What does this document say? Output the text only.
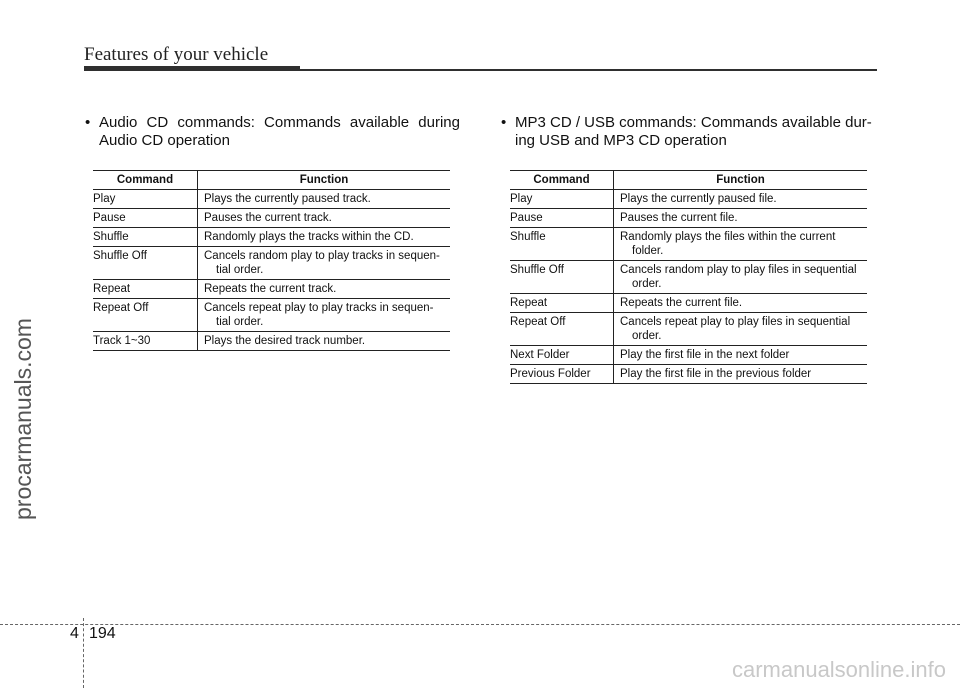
Features of your vehicle
procarmanuals.com
• Audio CD commands: Commands available during
Audio CD operation
Command	Function
Play	Plays the currently paused track.

Pause	Pauses the current track.

Shuffle	Randomly plays the tracks within the CD.

Shuffle Off	Cancels random play to play tracks in sequen-
tial order.

Repeat	Repeats the current track.

Repeat Off	Cancels repeat play to play tracks in sequen-
tial order.

Track 1~30	Plays the desired track number.
• MP3 CD / USB commands: Commands available dur-
ing USB and MP3 CD operation
Command	Function
Play	Plays the currently paused file.

Pause	Pauses the current file.

Shuffle	Randomly plays the files within the current
folder.

Shuffle Off	Cancels random play to play files in sequential
order.

Repeat	Repeats the current file.

Repeat Off	Cancels repeat play to play files in sequential
order.

Next Folder	Play the first file in the next folder

Previous Folder	Play the first file in the previous folder
4 194
carmanualsonline.info
